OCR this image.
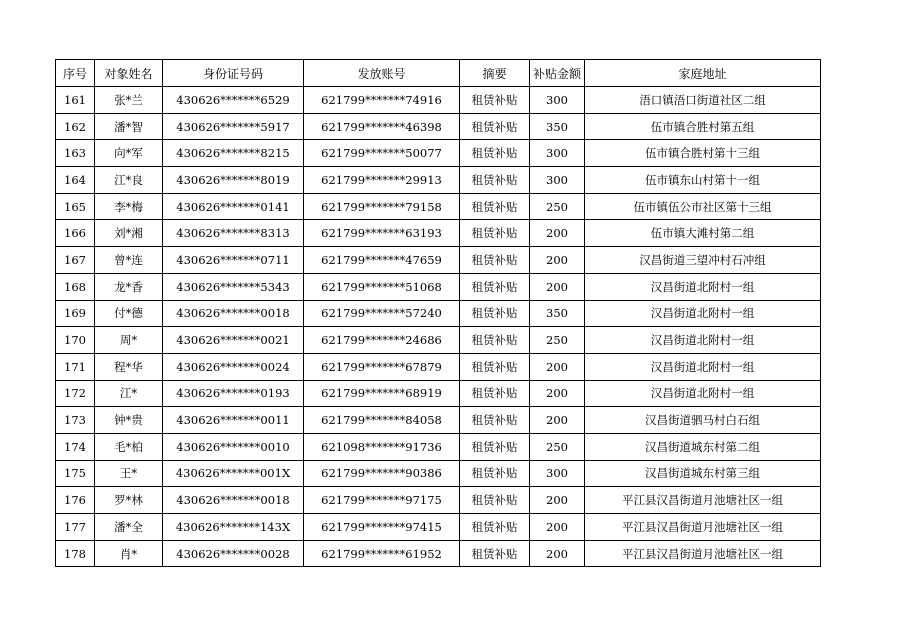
序号	对象姓名	身份证号码	发放账号	摘要	补贴金额	家庭地址
161	张*兰	430626*******6529	621799*******74916	租赁补贴	300	浯口镇浯口街道社区二组
162	潘*智	430626*******5917	621799*******46398	租赁补贴	350	伍市镇合胜村第五组
163	向*军	430626*******8215	621799*******50077	租赁补贴	300	伍市镇合胜村第十三组
164	江*良	430626*******8019	621799*******29913	租赁补贴	300	伍市镇东山村第十一组
165	李*梅	430626*******0141	621799*******79158	租赁补贴	250	伍市镇伍公市社区第十三组
166	刘*湘	430626*******8313	621799*******63193	租赁补贴	200	伍市镇大滩村第二组
167	曾*连	430626*******0711	621799*******47659	租赁补贴	200	汉昌街道三望冲村石冲组
168	龙*香	430626*******5343	621799*******51068	租赁补贴	200	汉昌街道北附村一组
169	付*德	430626*******0018	621799*******57240	租赁补贴	350	汉昌街道北附村一组
170	周*	430626*******0021	621799*******24686	租赁补贴	250	汉昌街道北附村一组
171	程*华	430626*******0024	621799*******67879	租赁补贴	200	汉昌街道北附村一组
172	江*	430626*******0193	621799*******68919	租赁补贴	200	汉昌街道北附村一组
173	钟*贵	430626*******0011	621799*******84058	租赁补贴	200	汉昌街道驷马村白石组
174	毛*柏	430626*******0010	621098*******91736	租赁补贴	250	汉昌街道城东村第二组
175	王*	430626*******001X	621799*******90386	租赁补贴	300	汉昌街道城东村第三组
176	罗*林	430626*******0018	621799*******97175	租赁补贴	200	平江县汉昌街道月池塘社区一组
177	潘*全	430626*******143X	621799*******97415	租赁补贴	200	平江县汉昌街道月池塘社区一组
178	肖*	430626*******0028	621799*******61952	租赁补贴	200	平江县汉昌街道月池塘社区一组
